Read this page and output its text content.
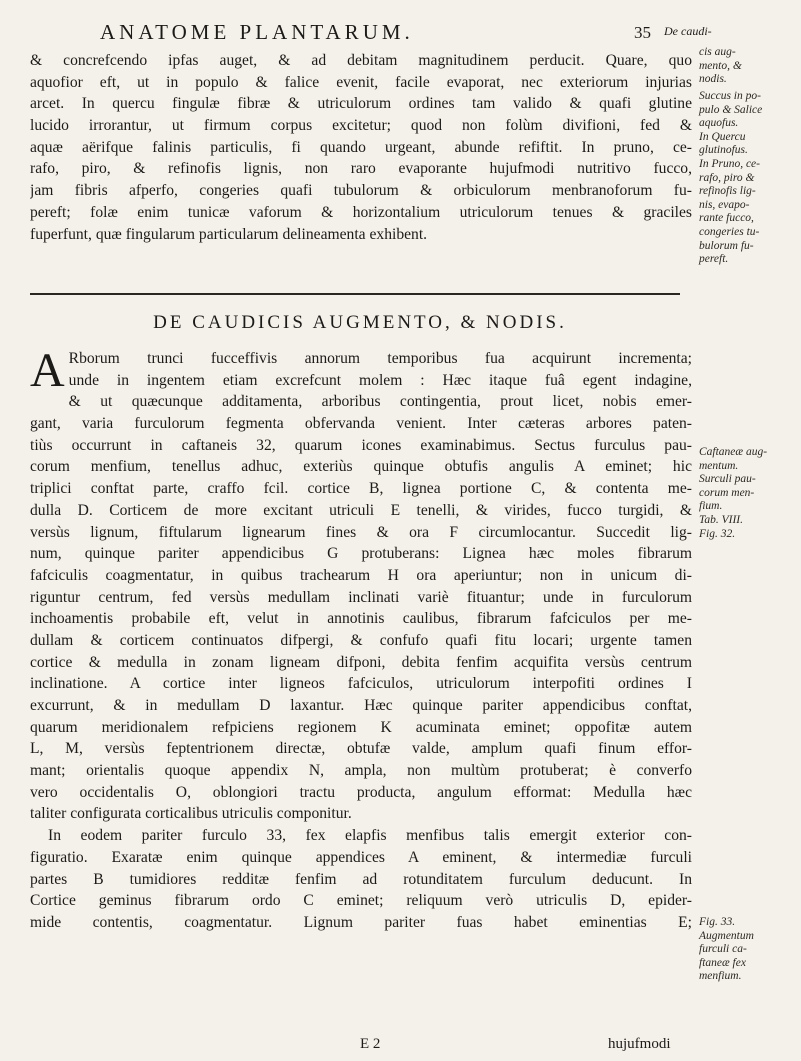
ANATOME PLANTARUM.	35 De caudi-
& concrefcendo ipfas auget, & ad debitam magnitudinem perducit. Quare, quo
aquofior eft, ut in populo & falice evenit, facile evaporat, nec exteriorum injurias
arcet. In quercu fingulæ fibræ & utriculorum ordines tam valido & quafi glutine
lucido irrorantur, ut firmum corpus excitetur; quod non folùm divifioni, fed &
aquæ aërifque falinis particulis, fi quando urgeant, abunde refiftit. In pruno, ce-
rafo, piro, & refinofis lignis, non raro evaporante hujufmodi nutritivo fucco,
jam fibris afperfo, congeries quafi tubulorum & orbiculorum menbranoforum fu-
pereft; folæ enim tunicæ vaforum & horizontalium utriculorum tenues & graciles
fuperfunt, quæ fingularum particularum delineamenta exhibent.
DE CAUDICIS AUGMENTO, & NODIS.
A Rborum trunci fucceffivis annorum temporibus fua acquirunt incrementa;
unde in ingentem etiam excrefcunt molem : Hæc itaque fuâ egent indagine,
& ut quæcunque additamenta, arboribus contingentia, prout licet, nobis emer-
gant, varia furculorum fegmenta obfervanda venient. Inter cæteras arbores paten-
tiùs occurrunt in caftaneis 32, quarum icones examinabimus. Sectus furculus pau-
corum menfium, tenellus adhuc, exteriùs quinque obtufis angulis A eminet; hic
triplici conftat parte, craffo fcil. cortice B, lignea portione C, & contenta me-
dulla D. Corticem de more excitant utriculi E tenelli, & virides, fucco turgidi, &
versùs lignum, fiftularum lignearum fines & ora F circumlocantur. Succedit lig-
num, quinque pariter appendicibus G protuberans: Lignea hæc moles fibrarum
fafciculis coagmentatur, in quibus trachearum H ora aperiuntur; non in unicum di-
riguntur centrum, fed versùs medullam inclinati variè fituantur; unde in furculorum
inchoamentis probabile eft, velut in annotinis caulibus, fibrarum fafciculos per me-
dullam & corticem continuatos difpergi, & confufo quafi fitu locari; urgente tamen
cortice & medulla in zonam ligneam difponi, debita fenfim acquifita versùs centrum
inclinatione. A cortice inter ligneos fafciculos, utriculorum interpofiti ordines I
excurrunt, & in medullam D laxantur. Hæc quinque pariter appendicibus conftat,
quarum meridionalem refpiciens regionem K acuminata eminet; oppofitæ autem
L, M, versùs feptentrionem directæ, obtufæ valde, amplum quafi finum effor-
mant; orientalis quoque appendix N, ampla, non multùm protuberat; è converfo
vero occidentalis O, oblongiori tractu producta, angulum efformat: Medulla hæc
taliter configurata corticalibus utriculis componitur.
In eodem pariter furculo 33, fex elapfis menfibus talis emergit exterior con-
figuratio. Exaratæ enim quinque appendices A eminent, & intermediæ furculi
partes B tumidiores redditæ fenfim ad rotunditatem furculum deducunt. In
Cortice geminus fibrarum ordo C eminet; reliquum verò utriculis D, epider-
mide contentis, coagmentatur. Lignum pariter fuas habet eminentias E;
E 2	hujufmodi
cis aug-
mento, &
nodis.
Succus in po-
pulo & Salice
aquofus.
In Quercu
glutinofus.
In Pruno, ce-
rafo, piro &
refinofis lig-
nis, evapo-
rante fucco,
congeries tu-
bulorum fu-
pereft.
Caftaneæ aug-
mentum.
Surculi pau-
corum men-
fium.
Tab. VIII.
Fig. 32.
Fig. 33.
Augmentum
furculi ca-
ftaneæ fex
menfium.
